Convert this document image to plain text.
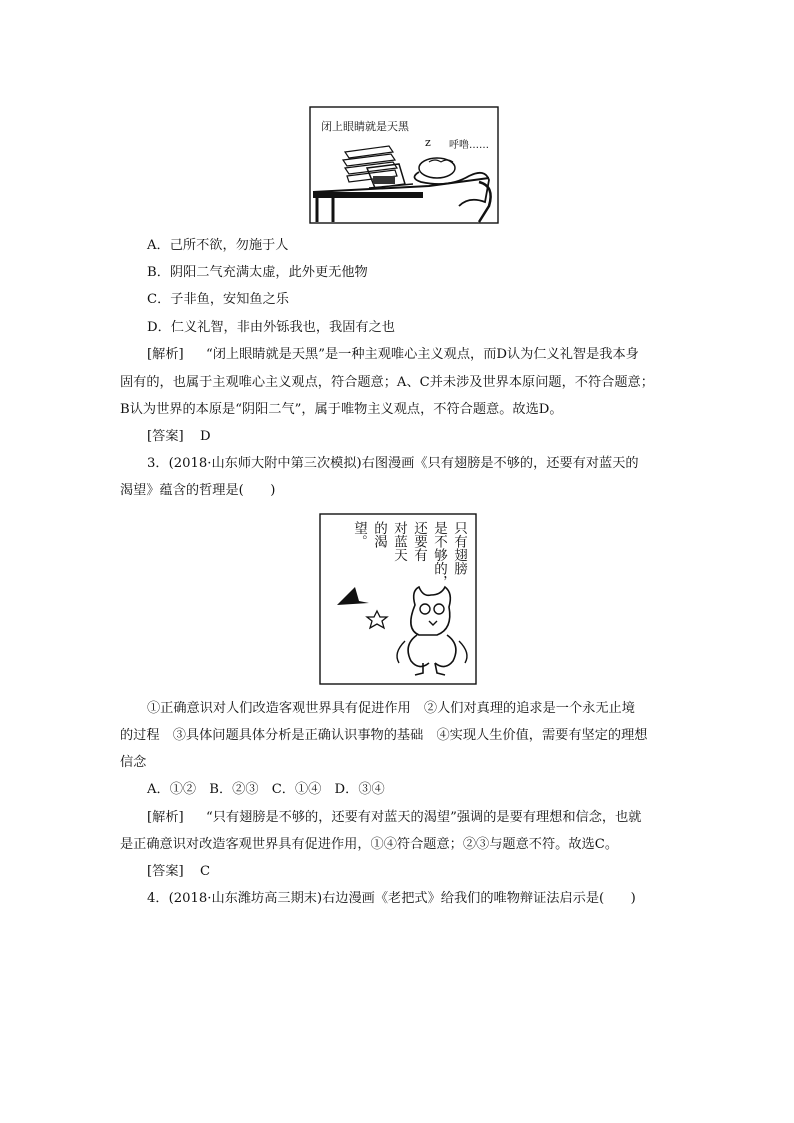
闭上眼睛就是天黑
呼噜……
z
A．己所不欲，勿施于人
B．阴阳二气充满太虚，此外更无他物
C．子非鱼，安知鱼之乐
D．仁义礼智，非由外铄我也，我固有之也
[解析] “闭上眼睛就是天黑”是一种主观唯心主义观点，而D认为仁义礼智是我本身
固有的，也属于主观唯心主义观点，符合题意；A、C并未涉及世界本原问题，不符合题意；
B认为世界的本原是“阴阳二气”，属于唯物主义观点，不符合题意。故选D。
[答案] D
3．(2018·山东师大附中第三次模拟)右图漫画《只有翅膀是不够的，还要有对蓝天的
渴望》蕴含的哲理是(　　)
只有翅膀
是不够的，
还要有
对蓝天
的渴
望。
①正确意识对人们改造客观世界具有促进作用　②人们对真理的追求是一个永无止境
的过程　③具体问题具体分析是正确认识事物的基础　④实现人生价值，需要有坚定的理想
信念
A．①②　B．②③　C．①④　D．③④
[解析] “只有翅膀是不够的，还要有对蓝天的渴望”强调的是要有理想和信念，也就
是正确意识对改造客观世界具有促进作用，①④符合题意；②③与题意不符。故选C。
[答案] C
4．(2018·山东潍坊高三期末)右边漫画《老把式》给我们的唯物辩证法启示是(　　)
